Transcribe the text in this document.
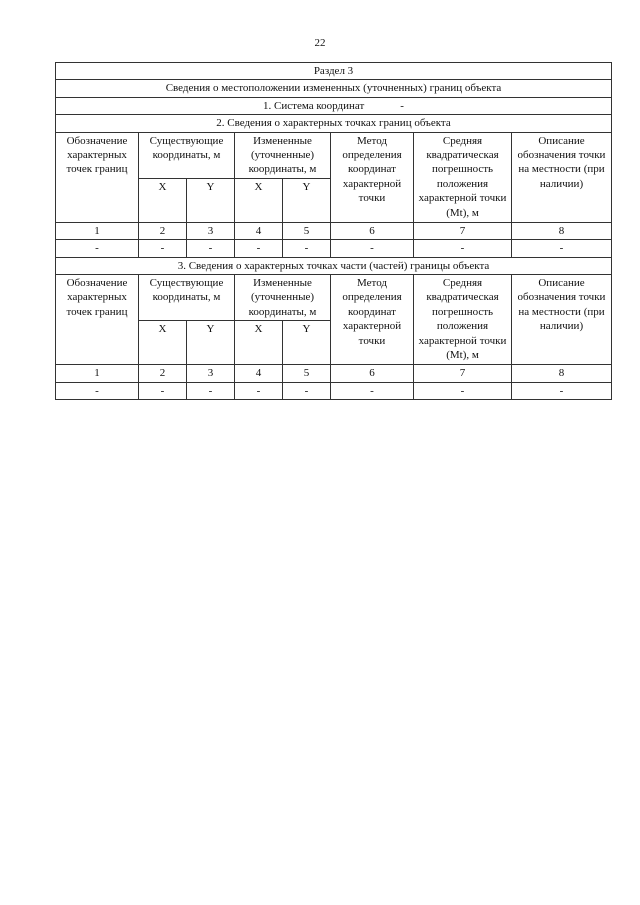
22
Раздел 3							
Сведения о местоположении измененных (уточненных) границ объекта							
1. Система координат -							
2. Сведения о характерных точках границ объекта							
Обозначение характерных точек границ	Существующие координаты, м		Измененные (уточненные) координаты, м		Метод определения координат характерной точки	Средняя квадратическая погрешность положения характерной точки (Mt), м	Описание обозначения точки на местности (при наличии)
	X	Y	X	Y			
1	2	3	4	5	6	7	8
-	-	-	-	-	-	-	-
3. Сведения о характерных точках части (частей) границы объекта							
Обозначение характерных точек границ	Существующие координаты, м		Измененные (уточненные) координаты, м		Метод определения координат характерной точки	Средняя квадратическая погрешность положения характерной точки (Mt), м	Описание обозначения точки на местности (при наличии)
	X	Y	X	Y			
1	2	3	4	5	6	7	8
-	-	-	-	-	-	-	-
